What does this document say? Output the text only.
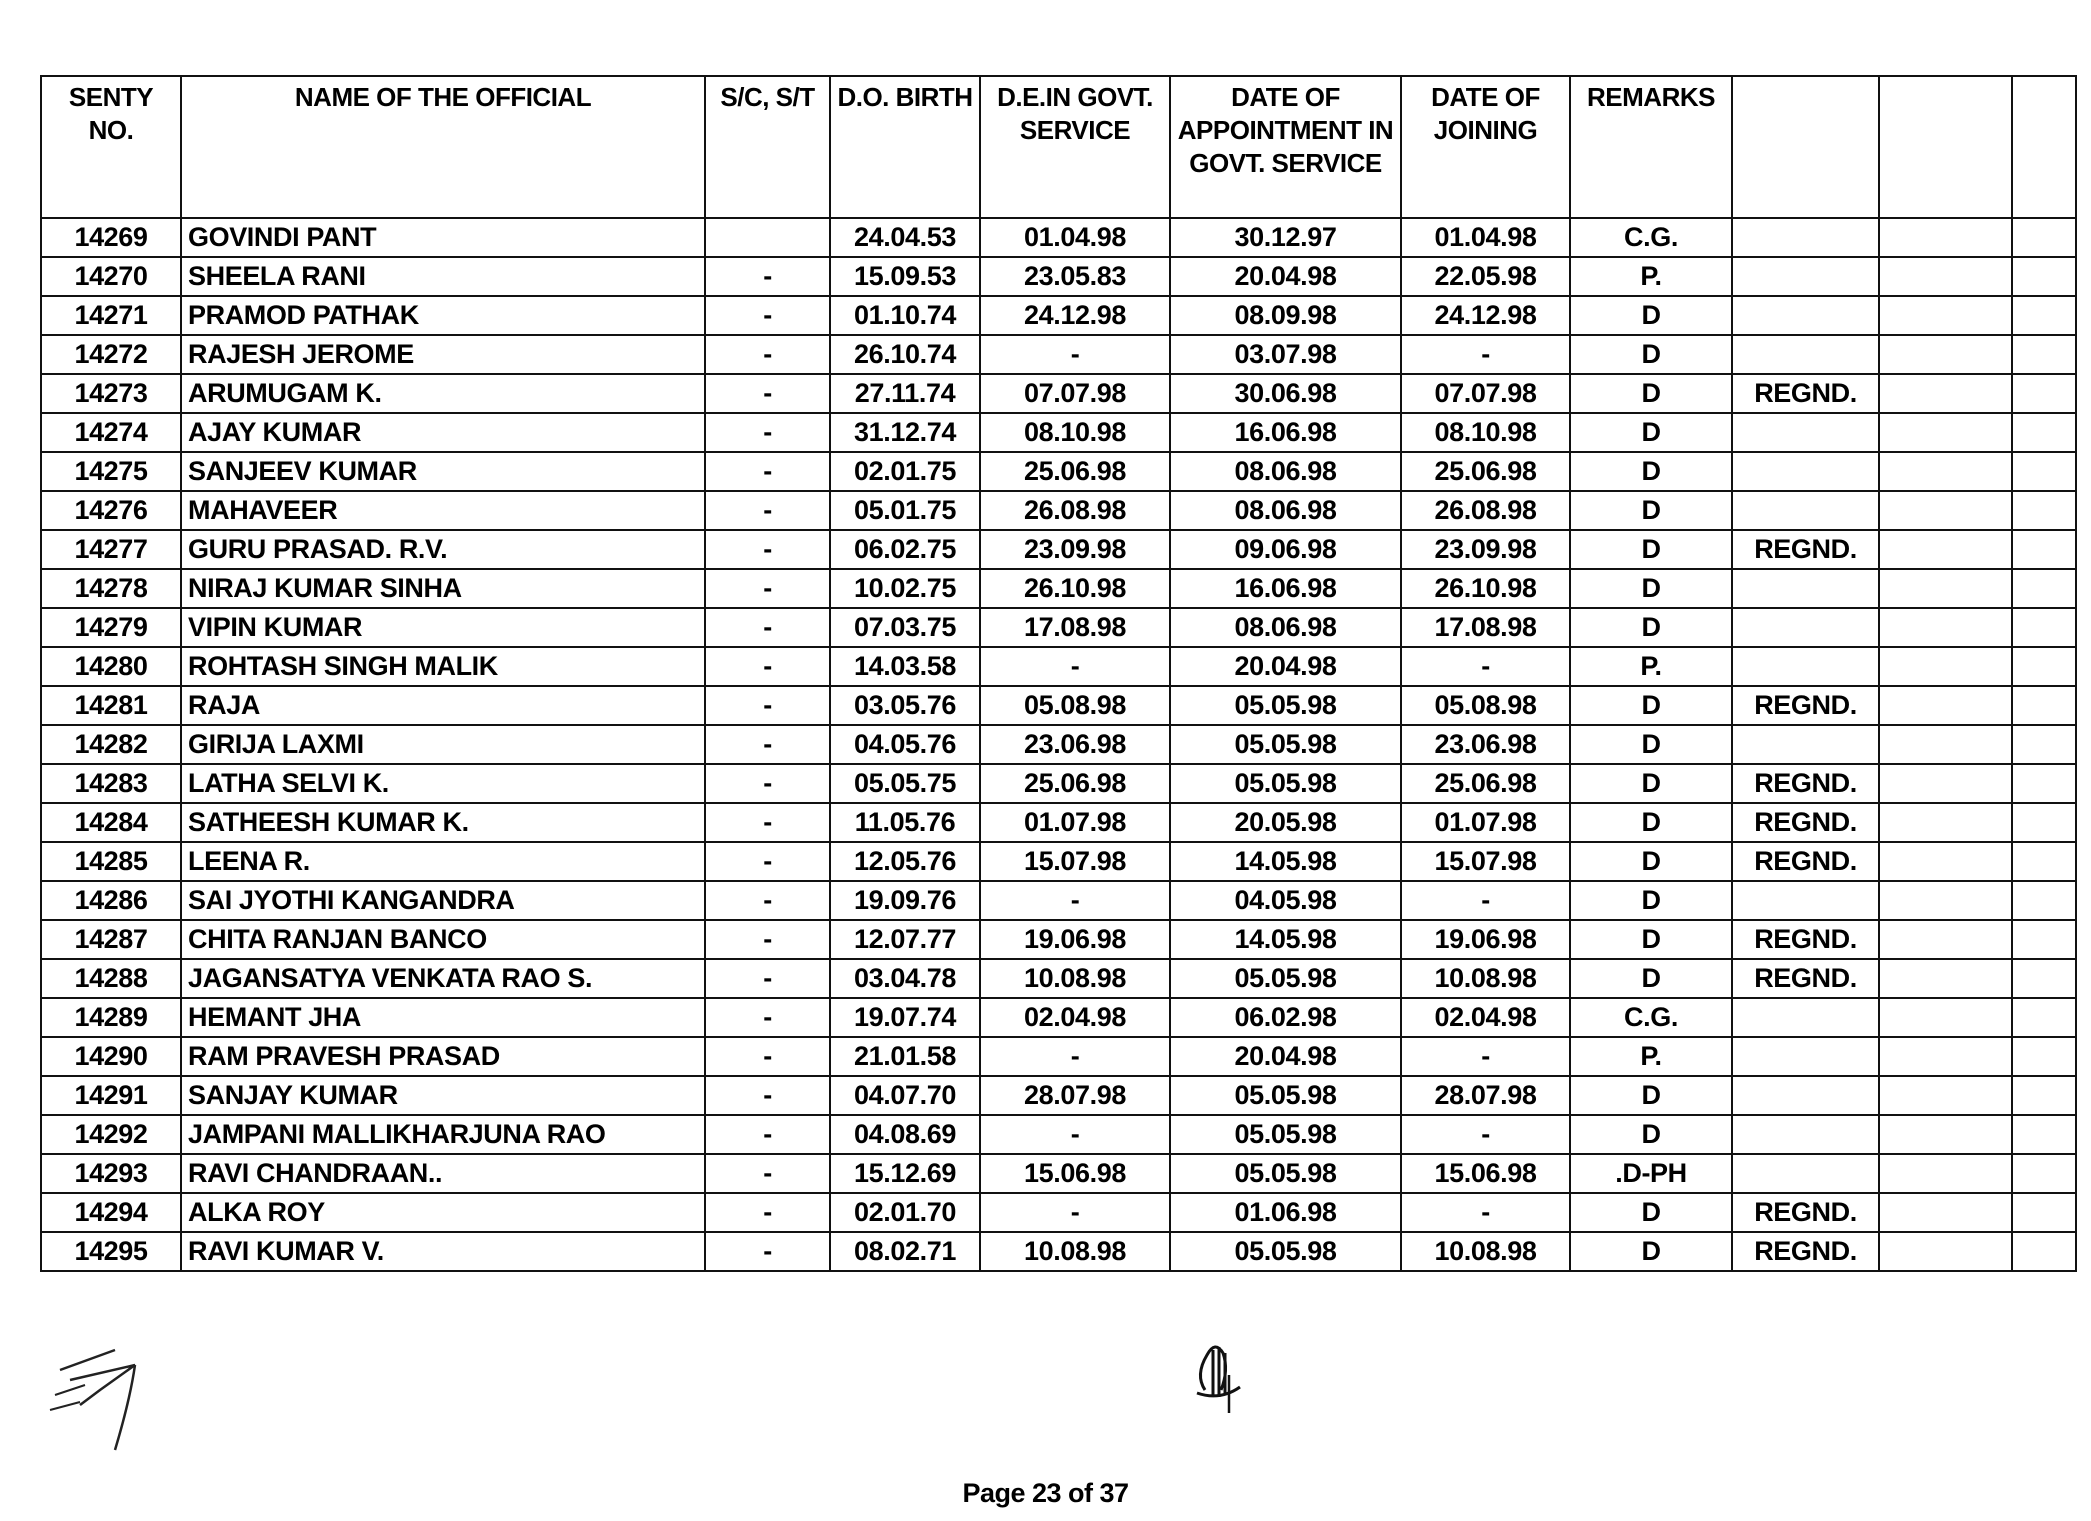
SENTY NO.	NAME OF THE OFFICIAL	S/C, S/T	D.O. BIRTH	D.E.IN GOVT. SERVICE	DATE OF APPOINTMENT IN GOVT. SERVICE	DATE OF JOINING	REMARKS			
14269	GOVINDI PANT		24.04.53	01.04.98	30.12.97	01.04.98	C.G.			
14270	SHEELA RANI	-	15.09.53	23.05.83	20.04.98	22.05.98	P.			
14271	PRAMOD PATHAK	-	01.10.74	24.12.98	08.09.98	24.12.98	D			
14272	RAJESH JEROME	-	26.10.74	-	03.07.98	-	D			
14273	ARUMUGAM K.	-	27.11.74	07.07.98	30.06.98	07.07.98	D	REGND.		
14274	AJAY KUMAR	-	31.12.74	08.10.98	16.06.98	08.10.98	D			
14275	SANJEEV KUMAR	-	02.01.75	25.06.98	08.06.98	25.06.98	D			
14276	MAHAVEER	-	05.01.75	26.08.98	08.06.98	26.08.98	D			
14277	GURU PRASAD. R.V.	-	06.02.75	23.09.98	09.06.98	23.09.98	D	REGND.		
14278	NIRAJ KUMAR SINHA	-	10.02.75	26.10.98	16.06.98	26.10.98	D			
14279	VIPIN KUMAR	-	07.03.75	17.08.98	08.06.98	17.08.98	D			
14280	ROHTASH SINGH MALIK	-	14.03.58	-	20.04.98	-	P.			
14281	RAJA	-	03.05.76	05.08.98	05.05.98	05.08.98	D	REGND.		
14282	GIRIJA LAXMI	-	04.05.76	23.06.98	05.05.98	23.06.98	D			
14283	LATHA SELVI K.	-	05.05.75	25.06.98	05.05.98	25.06.98	D	REGND.		
14284	SATHEESH KUMAR K.	-	11.05.76	01.07.98	20.05.98	01.07.98	D	REGND.		
14285	LEENA R.	-	12.05.76	15.07.98	14.05.98	15.07.98	D	REGND.		
14286	SAI JYOTHI KANGANDRA	-	19.09.76	-	04.05.98	-	D			
14287	CHITA RANJAN BANCO	-	12.07.77	19.06.98	14.05.98	19.06.98	D	REGND.		
14288	JAGANSATYA VENKATA RAO S.	-	03.04.78	10.08.98	05.05.98	10.08.98	D	REGND.		
14289	HEMANT JHA	-	19.07.74	02.04.98	06.02.98	02.04.98	C.G.			
14290	RAM PRAVESH PRASAD	-	21.01.58	-	20.04.98	-	P.			
14291	SANJAY KUMAR	-	04.07.70	28.07.98	05.05.98	28.07.98	D			
14292	JAMPANI MALLIKHARJUNA RAO	-	04.08.69	-	05.05.98	-	D			
14293	RAVI CHANDRAAN..	-	15.12.69	15.06.98	05.05.98	15.06.98	.D-PH			
14294	ALKA ROY	-	02.01.70	-	01.06.98	-	D	REGND.		
14295	RAVI KUMAR V.	-	08.02.71	10.08.98	05.05.98	10.08.98	D	REGND.		
Page 23 of 37
